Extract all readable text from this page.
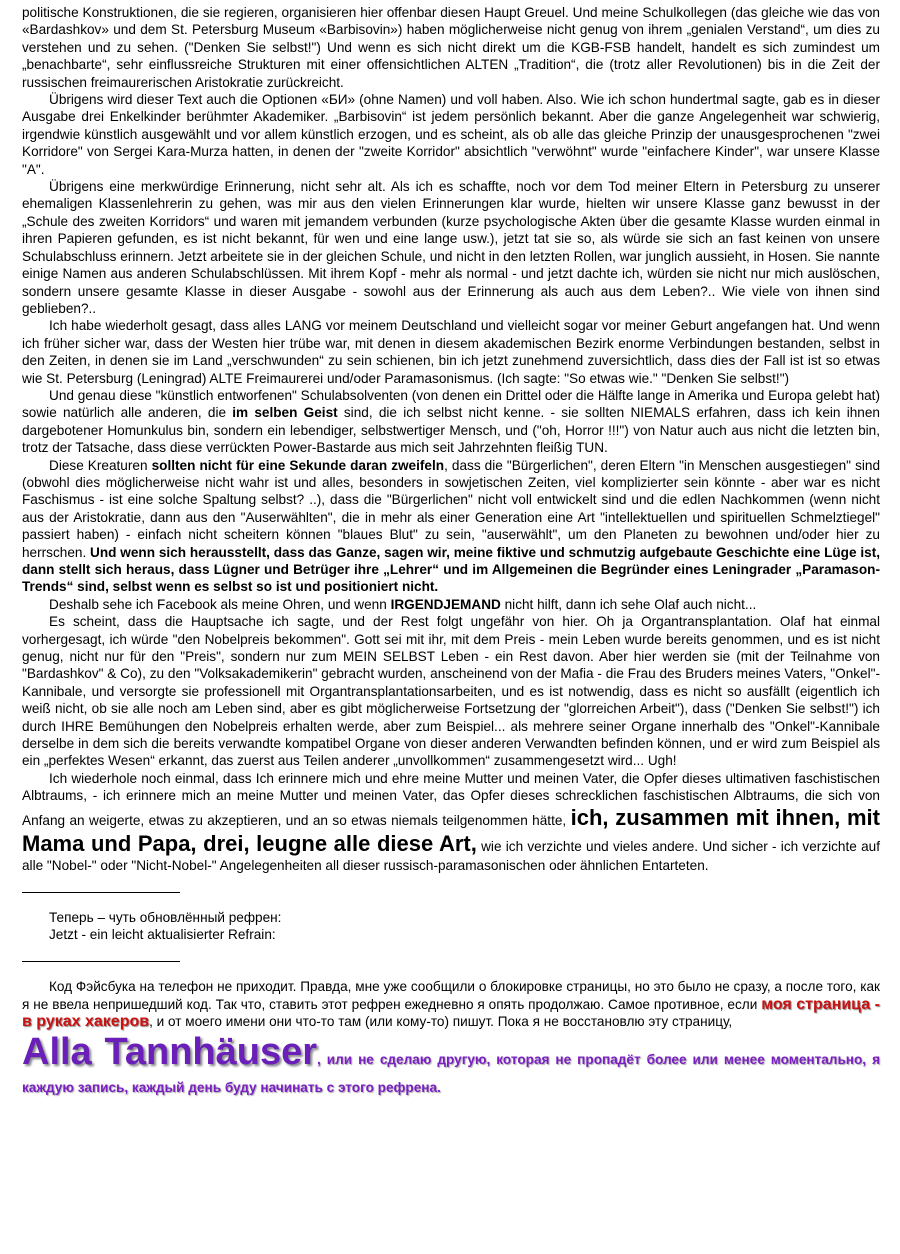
politische Konstruktionen, die sie regieren, organisieren hier offenbar diesen Haupt Greuel. Und meine Schulkollegen (das gleiche wie das von «Bardashkov» und dem St. Petersburg Museum «Barbisovin») haben möglicherweise nicht genug von ihrem „genialen Verstand“, um dies zu verstehen und zu sehen. ("Denken Sie selbst!") Und wenn es sich nicht direkt um die KGB-FSB handelt, handelt es sich zumindest um „benachbarte“, sehr einflussreiche Strukturen mit einer offensichtlichen ALTEN „Tradition“, die (trotz aller Revolutionen) bis in die Zeit der russischen freimaurerischen Aristokratie zurückreicht.

Übrigens wird dieser Text auch die Optionen «БИ» (ohne Namen) und voll haben. Also. Wie ich schon hundertmal sagte, gab es in dieser Ausgabe drei Enkelkinder berühmter Akademiker. „Barbisovin“ ist jedem persönlich bekannt. Aber die ganze Angelegenheit war schwierig, irgendwie künstlich ausgewählt und vor allem künstlich erzogen, und es scheint, als ob alle das gleiche Prinzip der unausgesprochenen "zwei Korridore" von Sergei Kara-Murza hatten, in denen der "zweite Korridor" absichtlich "verwöhnt" wurde "einfachere Kinder", war unsere Klasse "A".

Übrigens eine merkwürdige Erinnerung, nicht sehr alt. Als ich es schaffte, noch vor dem Tod meiner Eltern in Petersburg zu unserer ehemaligen Klassenlehrerin zu gehen, was mir aus den vielen Erinnerungen klar wurde, hielten wir unsere Klasse ganz bewusst in der „Schule des zweiten Korridors“ und waren mit jemandem verbunden (kurze psychologische Akten über die gesamte Klasse wurden einmal in ihren Papieren gefunden, es ist nicht bekannt, für wen und eine lange usw.), jetzt tat sie so, als würde sie sich an fast keinen von unsere Schulabschluss erinnern. Jetzt arbeitete sie in der gleichen Schule, und nicht in den letzten Rollen, war junglich aussieht, in Hosen. Sie nannte einige Namen aus anderen Schulabschlüssen. Mit ihrem Kopf - mehr als normal - und jetzt dachte ich, würden sie nicht nur mich auslöschen, sondern unsere gesamte Klasse in dieser Ausgabe - sowohl aus der Erinnerung als auch aus dem Leben?.. Wie viele von ihnen sind geblieben?..

Ich habe wiederholt gesagt, dass alles LANG vor meinem Deutschland und vielleicht sogar vor meiner Geburt angefangen hat. Und wenn ich früher sicher war, dass der Westen hier trübe war, mit denen in diesem akademischen Bezirk enorme Verbindungen bestanden, selbst in den Zeiten, in denen sie im Land „verschwunden“ zu sein schienen, bin ich jetzt zunehmend zuversichtlich, dass dies der Fall ist ist so etwas wie St. Petersburg (Leningrad) ALTE Freimaurerei und/oder Paramasonismus. (Ich sagte: "So etwas wie." "Denken Sie selbst!")

Und genau diese "künstlich entworfenen" Schulabsolventen (von denen ein Drittel oder die Hälfte lange in Amerika und Europa gelebt hat) sowie natürlich alle anderen, die im selben Geist sind, die ich selbst nicht kenne. - sie sollten NIEMALS erfahren, dass ich kein ihnen dargebotener Homunkulus bin, sondern ein lebendiger, selbstwertiger Mensch, und ("oh, Horror !!!") von Natur auch aus nicht die letzten bin, trotz der Tatsache, dass diese verrückten Power-Bastarde aus mich seit Jahrzehnten fleißig TUN.

Diese Kreaturen sollten nicht für eine Sekunde daran zweifeln, dass die "Bürgerlichen", deren Eltern "in Menschen ausgestiegen" sind (obwohl dies möglicherweise nicht wahr ist und alles, besonders in sowjetischen Zeiten, viel komplizierter sein könnte - aber war es nicht Faschismus - ist eine solche Spaltung selbst? ..), dass die "Bürgerlichen" nicht voll entwickelt sind und die edlen Nachkommen (wenn nicht aus der Aristokratie, dann aus den "Auserwählten", die in mehr als einer Generation eine Art "intellektuellen und spirituellen Schmelztiegel" passiert haben) - einfach nicht scheitern können "blaues Blut" zu sein, "auserwählt", um den Planeten zu bewohnen und/oder hier zu herrschen. Und wenn sich herausstellt, dass das Ganze, sagen wir, meine fiktive und schmutzig aufgebaute Geschichte eine Lüge ist, dann stellt sich heraus, dass Lügner und Betrüger ihre „Lehrer“ und im Allgemeinen die Begründer eines Leningrader „Paramason-Trends“ sind, selbst wenn es selbst so ist und positioniert nicht.

Deshalb sehe ich Facebook als meine Ohren, und wenn IRGENDJEMAND nicht hilft, dann ich sehe Olaf auch nicht...

Es scheint, dass die Hauptsache ich sagte, und der Rest folgt ungefähr von hier. Oh ja Organtransplantation. Olaf hat einmal vorhergesagt, ich würde "den Nobelpreis bekommen". Gott sei mit ihr, mit dem Preis - mein Leben wurde bereits genommen, und es ist nicht genug, nicht nur für den "Preis", sondern nur zum MEIN SELBST Leben - ein Rest davon. Aber hier werden sie (mit der Teilnahme von "Bardashkov" & Co), zu den "Volksakademikerin" gebracht wurden, anscheinend von der Mafia - die Frau des Bruders meines Vaters, "Onkel"-Kannibale, und versorgte sie professionell mit Organtransplantationsarbeiten, und es ist notwendig, dass es nicht so ausfällt (eigentlich ich weiß nicht, ob sie alle noch am Leben sind, aber es gibt möglicherweise Fortsetzung der "glorreichen Arbeit"), dass ("Denken Sie selbst!") ich durch IHRE Bemühungen den Nobelpreis erhalten werde, aber zum Beispiel... als mehrere seiner Organe innerhalb des "Onkel"-Kannibale derselbe in dem sich die bereits verwandte kompatibel Organe von dieser anderen Verwandten befinden können, und er wird zum Beispiel als ein „perfektes Wesen“ erkannt, das zuerst aus Teilen anderer „unvollkommen“ zusammengesetzt wird... Ugh!

Ich wiederhole noch einmal, dass Ich erinnere mich und ehre meine Mutter und meinen Vater, die Opfer dieses ultimativen faschistischen Albtraums, - ich erinnere mich an meine Mutter und meinen Vater, das Opfer dieses schrecklichen faschistischen Albtraums, die sich von Anfang an weigerte, etwas zu akzeptieren, und an so etwas niemals teilgenommen hätte, ich, zusammen mit ihnen, mit Mama und Papa, drei, leugne alle diese Art, wie ich verzichte und vieles andere. Und sicher - ich verzichte auf alle "Nobel-" oder "Nicht-Nobel-" Angelegenheiten all dieser russisch-paramasonischen oder ähnlichen Entarteten.

Теперь – чуть обновлённый рефрен:
Jetzt - ein leicht aktualisierter Refrain:

Код Фэйсбука на телефон не приходит. Правда, мне уже сообщили о блокировке страницы, но это было не сразу, а после того, как я не ввела непришедший код. Так что, ставить этот рефрен ежедневно я опять продолжаю. Самое противное, если моя страница - в руках хакеров, и от моего имени они что-то там (или кому-то) пишут. Пока я не восстановлю эту страницу,

Alla Tannhäuser, или не сделаю другую, которая не пропадёт более или менее моментально, я каждую запись, каждый день буду начинать с этого рефрена.
